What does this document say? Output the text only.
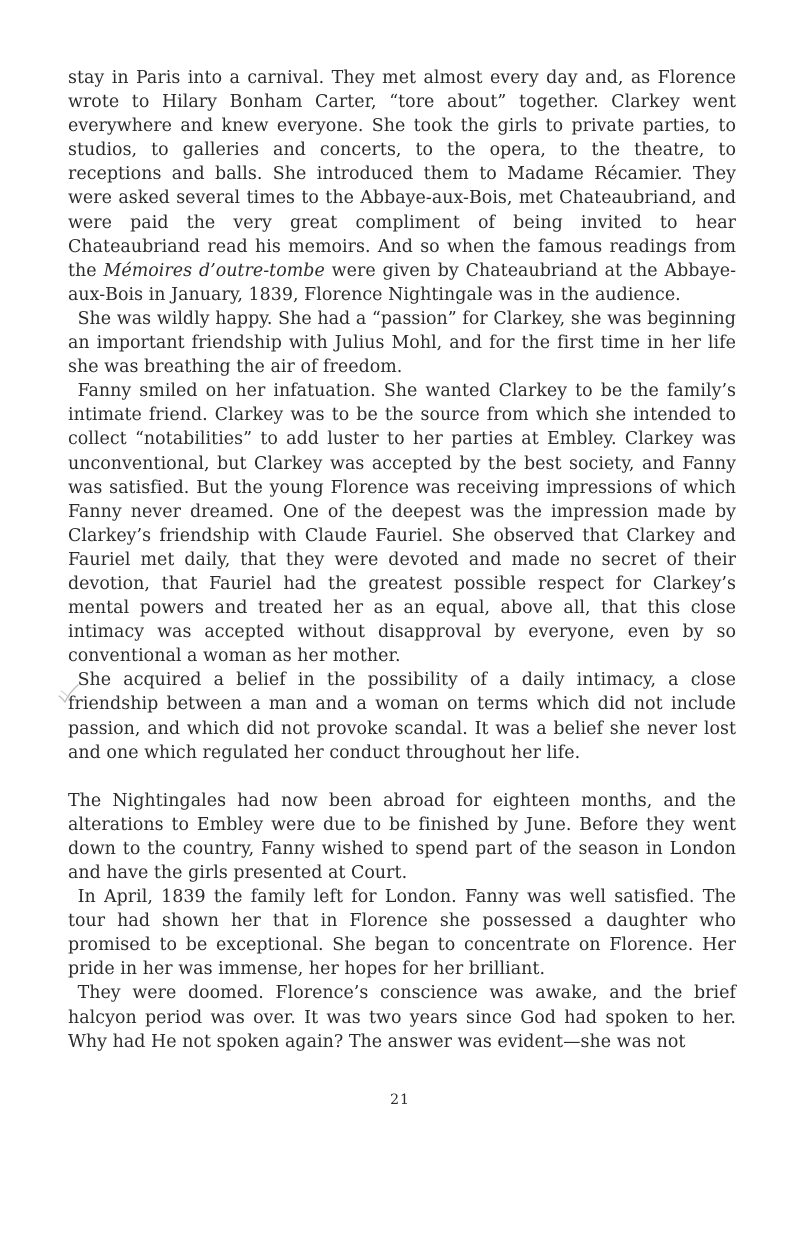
stay in Paris into a carnival. They met almost every day and, as Florence wrote to Hilary Bonham Carter, “tore about” together. Clarkey went everywhere and knew everyone. She took the girls to private parties, to studios, to galleries and concerts, to the opera, to the theatre, to receptions and balls. She introduced them to Madame Récamier. They were asked several times to the Abbaye-aux-Bois, met Chateaubriand, and were paid the very great compliment of being invited to hear Chateaubriand read his memoirs. And so when the famous readings from the Mémoires d’outre-tombe were given by Chateaubriand at the Abbaye-aux-Bois in January, 1839, Florence Nightingale was in the audience.

She was wildly happy. She had a “passion” for Clarkey, she was beginning an important friendship with Julius Mohl, and for the first time in her life she was breathing the air of freedom.

Fanny smiled on her infatuation. She wanted Clarkey to be the family’s intimate friend. Clarkey was to be the source from which she intended to collect “notabilities” to add luster to her parties at Embley. Clarkey was unconventional, but Clarkey was accepted by the best society, and Fanny was satisfied. But the young Florence was receiving impressions of which Fanny never dreamed. One of the deepest was the impression made by Clarkey’s friendship with Claude Fauriel. She observed that Clarkey and Fauriel met daily, that they were devoted and made no secret of their devotion, that Fauriel had the greatest possible respect for Clarkey’s mental powers and treated her as an equal, above all, that this close intimacy was accepted without disapproval by everyone, even by so conventional a woman as her mother.

She acquired a belief in the possibility of a daily intimacy, a close friendship between a man and a woman on terms which did not include passion, and which did not provoke scandal. It was a belief she never lost and one which regulated her conduct throughout her life.

The Nightingales had now been abroad for eighteen months, and the alterations to Embley were due to be finished by June. Before they went down to the country, Fanny wished to spend part of the season in London and have the girls presented at Court.

In April, 1839 the family left for London. Fanny was well satisfied. The tour had shown her that in Florence she possessed a daughter who promised to be exceptional. She began to concentrate on Florence. Her pride in her was immense, her hopes for her brilliant.

They were doomed. Florence’s conscience was awake, and the brief halcyon period was over. It was two years since God had spoken to her. Why had He not spoken again? The answer was evident—she was not

21
